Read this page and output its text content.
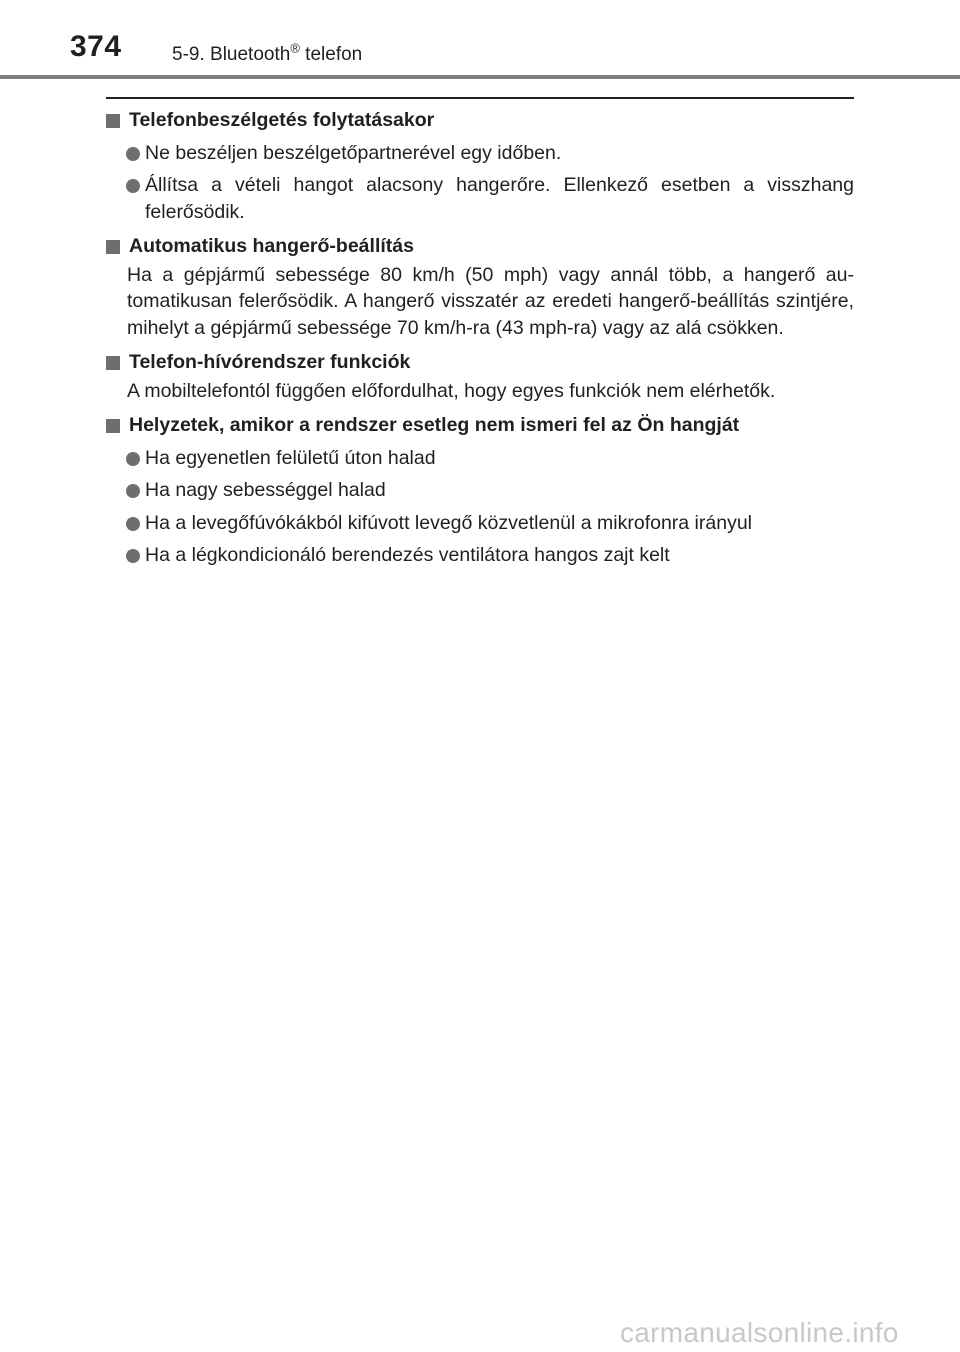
374	5-9. Bluetooth® telefon
Telefonbeszélgetés folytatásakor
Ne beszéljen beszélgetőpartnerével egy időben.
Állítsa a vételi hangot alacsony hangerőre. Ellenkező esetben a visszhang felerősödik.
Automatikus hangerő-beállítás
Ha a gépjármű sebessége 80 km/h (50 mph) vagy annál több, a hangerő au-tomatikusan felerősödik. A hangerő visszatér az eredeti hangerő-beállítás szintjére, mihelyt a gépjármű sebessége 70 km/h-ra (43 mph-ra) vagy az alá csökken.
Telefon-hívórendszer funkciók
A mobiltelefontól függően előfordulhat, hogy egyes funkciók nem elérhetők.
Helyzetek, amikor a rendszer esetleg nem ismeri fel az Ön hangját
Ha egyenetlen felületű úton halad
Ha nagy sebességgel halad
Ha a levegőfúvókákból kifúvott levegő közvetlenül a mikrofonra irányul
Ha a légkondicionáló berendezés ventilátora hangos zajt kelt
carmanualsonline.info
